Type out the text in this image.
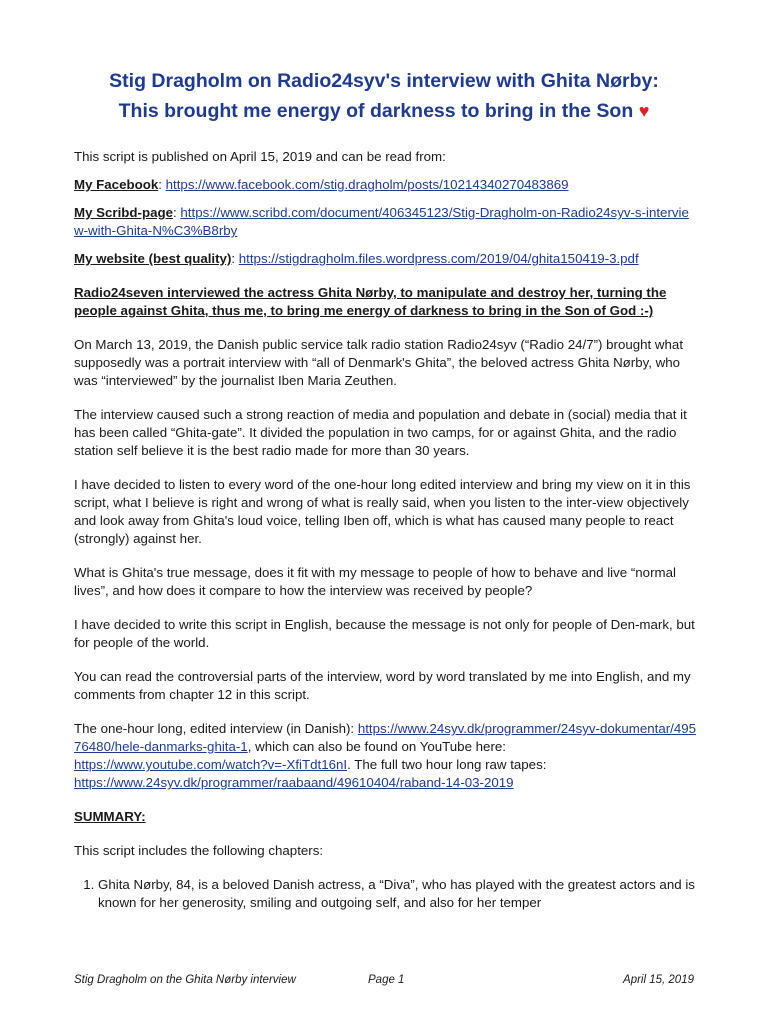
Stig Dragholm on Radio24syv's interview with Ghita Nørby:
This brought me energy of darkness to bring in the Son ♥

This script is published on April 15, 2019 and can be read from:

My Facebook: https://www.facebook.com/stig.dragholm/posts/10214340270483869

My Scribd-page: https://www.scribd.com/document/406345123/Stig-Dragholm-on-Radio24syv-s-interview-with-Ghita-N%C3%B8rby

My website (best quality): https://stigdragholm.files.wordpress.com/2019/04/ghita150419-3.pdf

Radio24seven interviewed the actress Ghita Nørby, to manipulate and destroy her, turning the people against Ghita, thus me, to bring me energy of darkness to bring in the Son of God :-)

On March 13, 2019, the Danish public service talk radio station Radio24syv (“Radio 24/7”) brought what supposedly was a portrait interview with “all of Denmark's Ghita”, the beloved actress Ghita Nørby, who was “interviewed” by the journalist Iben Maria Zeuthen.

The interview caused such a strong reaction of media and population and debate in (social) media that it has been called “Ghita-gate”. It divided the population in two camps, for or against Ghita, and the radio station self believe it is the best radio made for more than 30 years.

I have decided to listen to every word of the one-hour long edited interview and bring my view on it in this script, what I believe is right and wrong of what is really said, when you listen to the inter-view objectively and look away from Ghita's loud voice, telling Iben off, which is what has caused many people to react (strongly) against her.

What is Ghita's true message, does it fit with my message to people of how to behave and live “normal lives”, and how does it compare to how the interview was received by people?

I have decided to write this script in English, because the message is not only for people of Den-mark, but for people of the world.

You can read the controversial parts of the interview, word by word translated by me into English, and my comments from chapter 12 in this script.

The one-hour long, edited interview (in Danish): https://www.24syv.dk/programmer/24syv-dokumentar/49576480/hele-danmarks-ghita-1, which can also be found on YouTube here: https://www.youtube.com/watch?v=-XfiTdt16nI. The full two hour long raw tapes: https://www.24syv.dk/programmer/raabaand/49610404/raband-14-03-2019

SUMMARY:

This script includes the following chapters:

1. Ghita Nørby, 84, is a beloved Danish actress, a “Diva”, who has played with the greatest actors and is known for her generosity, smiling and outgoing self, and also for her temper
Stig Dragholm on the Ghita Nørby interview	Page 1	April 15, 2019
